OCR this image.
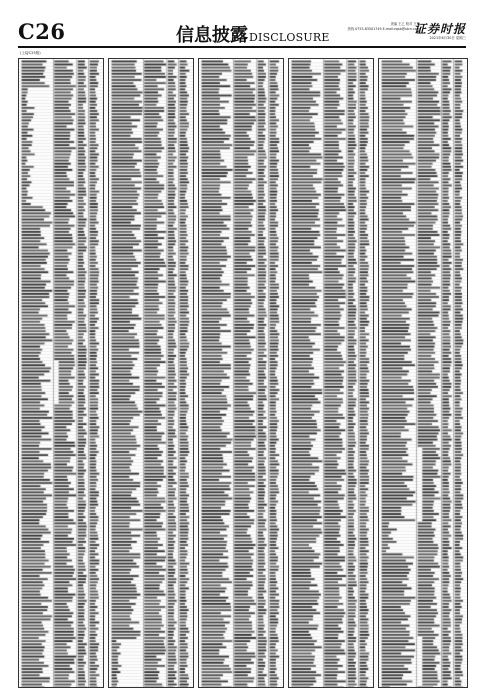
C26	信息披露DISCLOSURE
美编 王乙 校对 王艳
热线 0755-83501749 E-mail:zqsb@stcn.com
证券时报
2021年6月30日 星期三
(上接C25版)
